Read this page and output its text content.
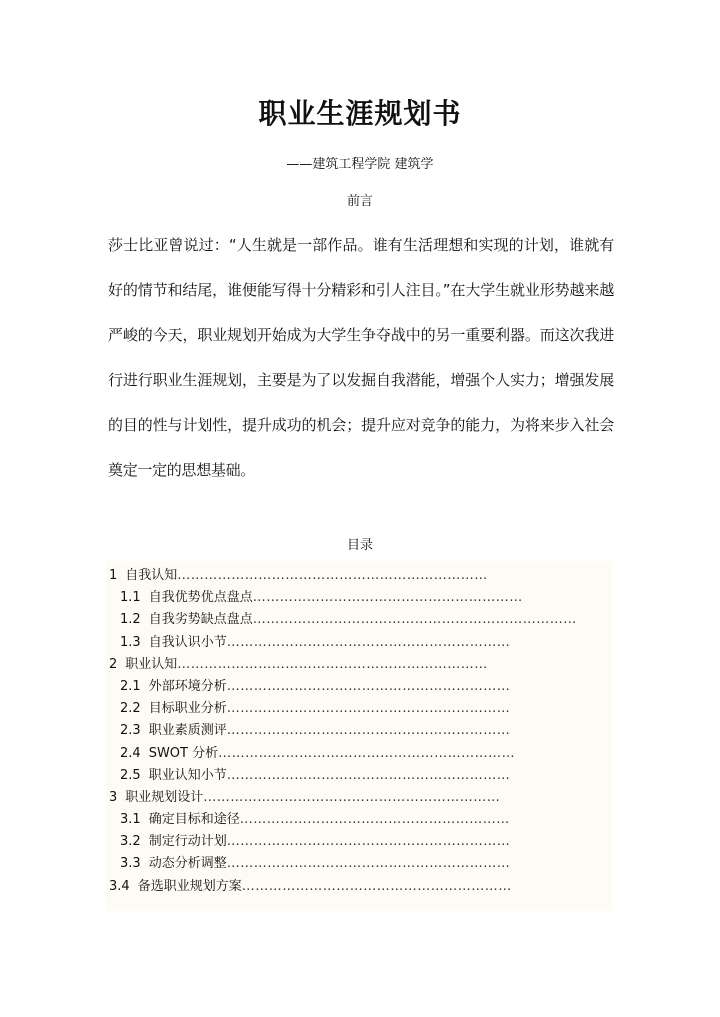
职业生涯规划书
——建筑工程学院 建筑学
前言
莎士比亚曾说过：“人生就是一部作品。谁有生活理想和实现的计划，谁就有好的情节和结尾，谁便能写得十分精彩和引人注目。”在大学生就业形势越来越严峻的今天，职业规划开始成为大学生争夺战中的另一重要利器。而这次我进行进行职业生涯规划，主要是为了以发掘自我潜能，增强个人实力；增强发展的目的性与计划性，提升成功的机会；提升应对竞争的能力，为将来步入社会奠定一定的思想基础。
目录
1 自我认知……………………………………………………………
1.1 自我优势优点盘点……………………………………………………
1.2 自我劣势缺点盘点………………………………………………………………
1.3 自我认识小节………………………………………………………
2 职业认知……………………………………………………………
2.1 外部环境分析………………………………………………………
2.2 目标职业分析………………………………………………………
2.3 职业素质测评………………………………………………………
2.4 SWOT 分析…………………………………………………………
2.5 职业认知小节………………………………………………………
3 职业规划设计…………………………………………………………
3.1 确定目标和途径……………………………………………………
3.2 制定行动计划………………………………………………………
3.3 动态分析调整………………………………………………………
3.4 备选职业规划方案……………………………………………………
